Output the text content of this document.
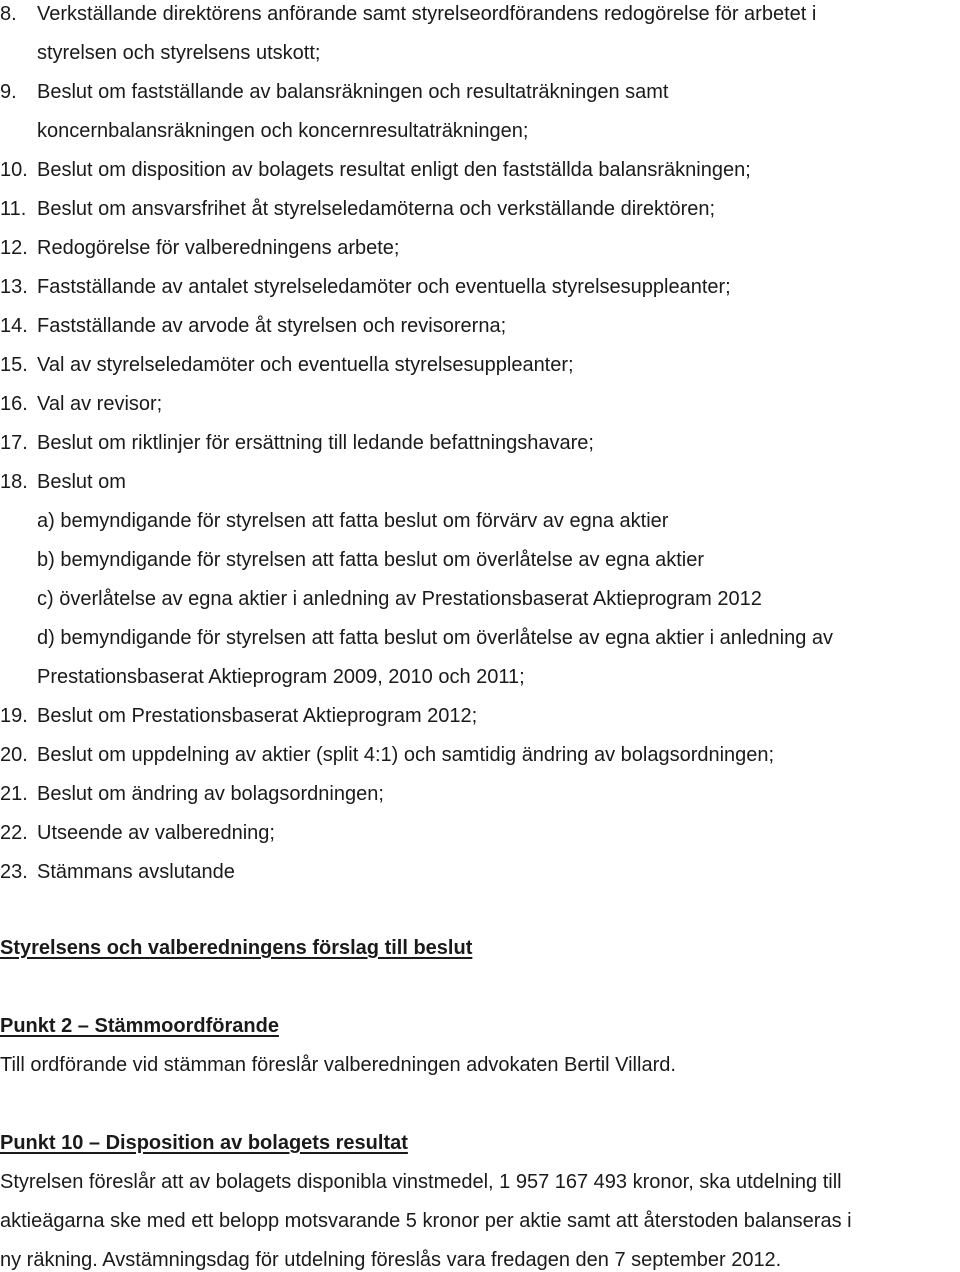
8. Verkställande direktörens anförande samt styrelseordförandens redogörelse för arbetet i
styrelsen och styrelsens utskott;
9. Beslut om fastställande av balansräkningen och resultaträkningen samt
koncernbalansräkningen och koncernresultaträkningen;
10. Beslut om disposition av bolagets resultat enligt den fastställda balansräkningen;
11. Beslut om ansvarsfrihet åt styrelseledamöterna och verkställande direktören;
12. Redogörelse för valberedningens arbete;
13. Fastställande av antalet styrelseledamöter och eventuella styrelsesuppleanter;
14. Fastställande av arvode åt styrelsen och revisorerna;
15. Val av styrelseledamöter och eventuella styrelsesuppleanter;
16. Val av revisor;
17. Beslut om riktlinjer för ersättning till ledande befattningshavare;
18. Beslut om
a) bemyndigande för styrelsen att fatta beslut om förvärv av egna aktier
b) bemyndigande för styrelsen att fatta beslut om överlåtelse av egna aktier
c) överlåtelse av egna aktier i anledning av Prestationsbaserat Aktieprogram 2012
d) bemyndigande för styrelsen att fatta beslut om överlåtelse av egna aktier i anledning av
Prestationsbaserat Aktieprogram 2009, 2010 och 2011;
19. Beslut om Prestationsbaserat Aktieprogram 2012;
20. Beslut om uppdelning av aktier (split 4:1) och samtidig ändring av bolagsordningen;
21. Beslut om ändring av bolagsordningen;
22. Utseende av valberedning;
23. Stämmans avslutande
Styrelsens och valberedningens förslag till beslut
Punkt 2 – Stämmoordförande
Till ordförande vid stämman föreslår valberedningen advokaten Bertil Villard.
Punkt 10 – Disposition av bolagets resultat
Styrelsen föreslår att av bolagets disponibla vinstmedel, 1 957 167 493 kronor, ska utdelning till
aktieägarna ske med ett belopp motsvarande 5 kronor per aktie samt att återstoden balanseras i
ny räkning. Avstämningsdag för utdelning föreslås vara fredagen den 7 september 2012.
